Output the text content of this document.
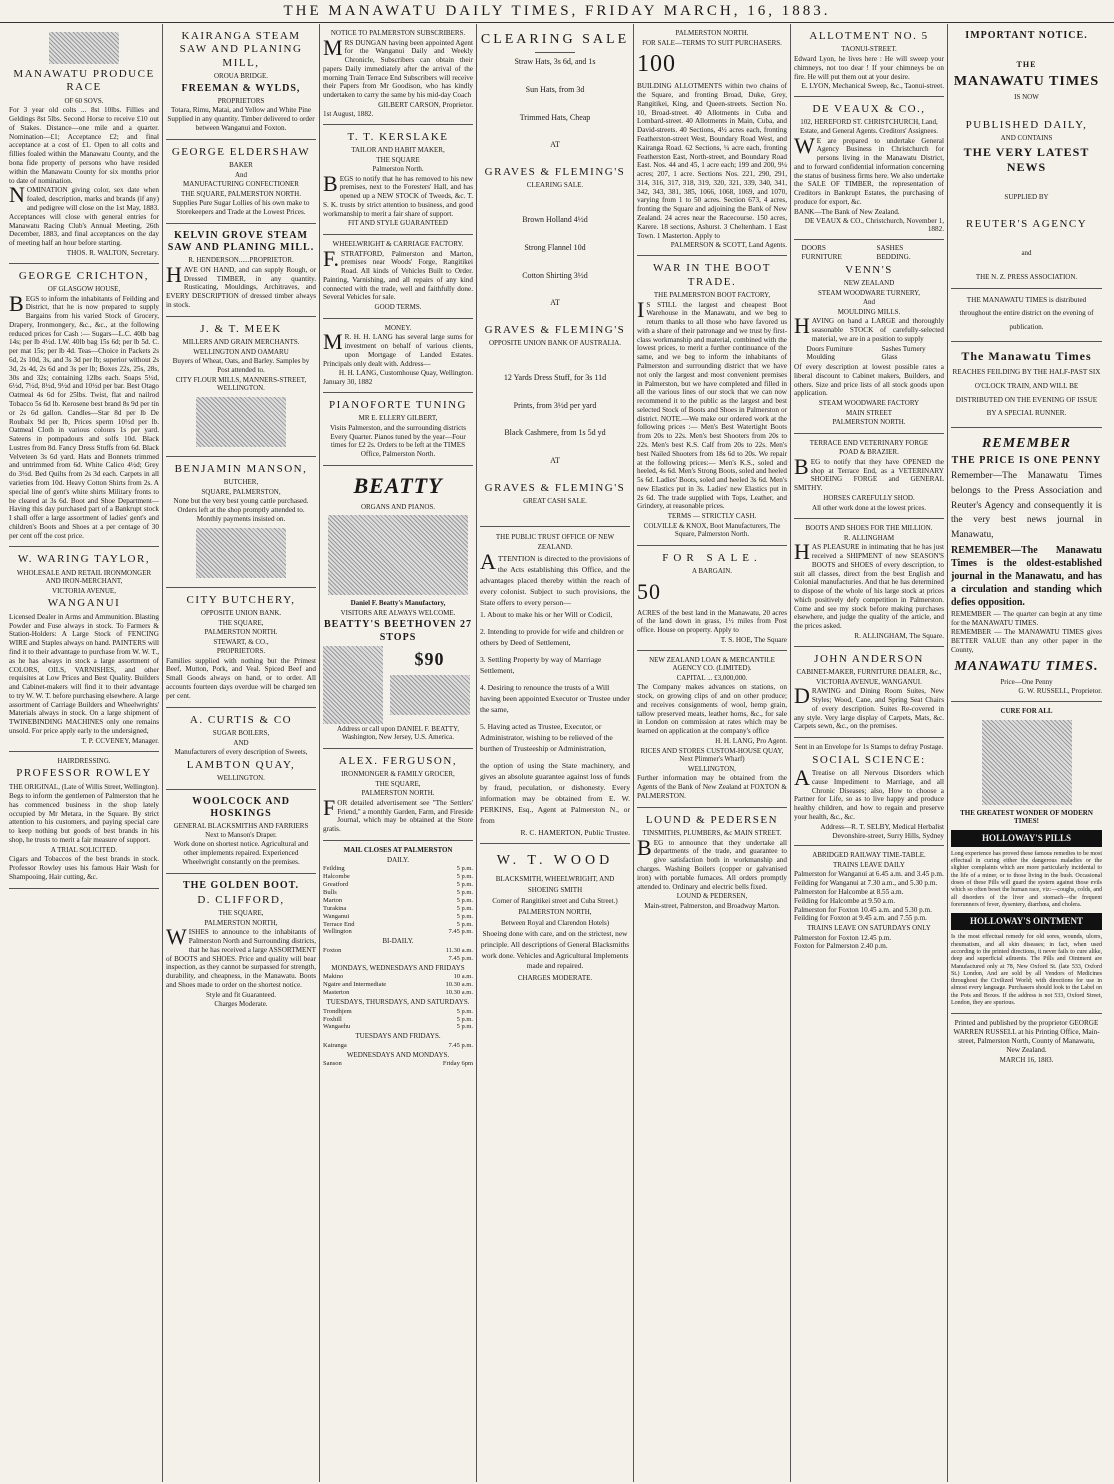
THE MANAWATU DAILY TIMES, FRIDAY MARCH, 16, 1883.
MANAWATU PRODUCE RACE
OF 60 SOVS.

For 3 year old colts ... 8st 10lbs. Fillies and Geldings 8st 5lbs. Second Horse to receive £10 out of Stakes. Distance—one mile and a quarter. Nomination—£1; Acceptance £2; and final acceptance at a cost of £1. Open to all colts and fillies foaled within the Manawatu County, and the bona fide property of persons who have resided within the Manawatu County for six months prior to date of nomination.

NOMINATION giving color, sex date when foaled, description, marks and brands (if any) and pedigree will close on the 1st May, 1883. Acceptances will close with general entries for Manawatu Racing Club's Annual Meeting, 26th December, 1883, and final acceptances on the day of meeting half an hour before starting.

THOS. R. WALTON, Secretary.
GEORGE CRICHTON,
OF GLASGOW HOUSE,

BEGS to inform the inhabitants of Feilding and District, that he is now prepared to supply Bargains from his varied Stock of Grocery, Drapery, Ironmongery, &c., &c., at the following reduced prices for Cash :— Sugars—L.C. 40lb bag 14s; per lb 4½d. I.W. 40lb bag 15s 6d; per lb 5d. C. per mat 15s; per lb 4d. Teas—Choice in Packets 2s 6d, 2s 10d, 3s, and 3s 3d per lb; superior without 2s 3d, 2s 4d, 2s 6d and 3s per lb; Boxes 22s, 25s, 28s, 30s and 32s; containing 12lbs each. Soaps 5½d, 6½d, 7½d, 8½d, 9½d and 10½d per bar. Best Otago Oatmeal 4s 6d for 25lbs. Twist, flat and nailrod Tobacco 5s 6d lb. Kerosene best brand 8s 9d per tin or 2s 6d gallon. Candles—Star 8d per lb De Roubaix 9d per lb, Prices sperm 10½d per lb. Oatmeal Cloth in various colours 1s per yard. Sateens in pompadours and solfs 10d. Black Lustres from 8d. Fancy Dress Stuffs from 6d. Black Velveteen 3s 6d yard. Hats and Bonnets trimmed and untrimmed from 6d. White Calico 4½d; Grey do 3½d. Bed Quilts from 2s 3d each. Carpets in all varieties from 10d. Heavy Cotton Shirts from 2s. A special line of gent's white shirts Military fronts to be cleared at 3s 6d. Boot and Shoe Department—Having this day purchased part of a Bankrupt stock I shall offer a large assortment of ladies' gent's and children's Boots and Shoes at a per centage of 30 per cent off the cost price.

W. WARING TAYLOR,
WHOLESALE AND RETAIL IRONMONGER AND IRON-MERCHANT,
VICTORIA AVENUE,
WANGANUI

Licensed Dealer in Arms and Ammunition. Blasting Powder and Fuse always in stock. To Farmers & Station-Holders: A Large Stock of FENCING WIRE and Staples always on hand. PAINTERS will find it to their advantage to purchase from W. W. T., as he has always in stock a large assortment of COLORS, OILS, VARNISHES, and other requisites at Low Prices and Best Quality. Builders and Cabinet-makers will find it to their advantage to try W. W. T. before purchasing elsewhere. A large assortment of Carriage Builders and Wheelwrights' Materials always in stock. On a large shipment of TWINEBINDING MACHINES only one remains unsold. For price apply early to the undersigned,

T. P. CCVENEY, Manager.
HAIRDRESSING.
PROFESSOR ROWLEY
THE ORIGINAL, (Late of Willis Street, Wellington).

Begs to inform the gentlemen of Palmerston that he has commenced business in the shop lately occupied by Mr Metara, in the Square. By strict attention to his customers, and paying special care to keep nothing but goods of best brands in his shop, he trusts to merit a fair measure of support.

A TRIAL SOLICITED.

Cigars and Tobaccos of the best brands in stock. Professor Rowley uses his famous Hair Wash for Shampooing, Hair cutting, &c.

KAIRANGA STEAM SAW AND PLANING MILL,
OROUA BRIDGE.
FREEMAN & WYLDS,
PROPRIETORS

Totara, Rimu, Matai, and Yellow and White Pine Supplied in any quantity. Timber delivered to order between Wanganui and Foxton.

GEORGE ELDERSHAW
BAKER
And
MANUFACTURING CONFECTIONER
THE SQUARE, PALMERSTON NORTH.

Supplies Pure Sugar Lollies of his own make to Storekeepers and Trade at the Lowest Prices.

KELVIN GROVE STEAM SAW AND PLANING MILL.
R. HENDERSON......PROPRIETOR.

HAVE ON HAND, and can supply Rough, or Dressed TIMBER, in any quantity. Rusticating, Mouldings, Architraves, and EVERY DESCRIPTION of dressed timber always in stock.

J. & T. MEEK
MILLERS AND GRAIN MERCHANTS.
WELLINGTON AND OAMARU

Buyers of Wheat, Oats, and Barley. Samples by Post attended to.

CITY FLOUR MILLS, MANNERS-STREET, WELLINGTON.
BENJAMIN MANSON,
BUTCHER,
SQUARE, PALMERSTON,

None but the very best young cattle purchased. Orders left at the shop promptly attended to. Monthly payments insisted on.

CITY BUTCHERY,
OPPOSITE UNION BANK.
THE SQUARE,
PALMERSTON NORTH.
STEWART, & CO.,
PROPRIETORS.

Families supplied with nothing but the Primest Beef, Mutton, Pork, and Veal. Spiced Beef and Small Goods always on hand, or to order. All accounts fourteen days overdue will be charged ten per cent.

A. CURTIS & CO
SUGAR BOILERS,
AND

Manufacturers of every description of Sweets,

LAMBTON QUAY,
WELLINGTON.
WOOLCOCK AND HOSKINGS
GENERAL BLACKSMITHS AND FARRIERS Next to Manson's Draper.

Work done on shortest notice. Agricultural and other implements repaired. Experienced Wheelwright constantly on the premises.

THE GOLDEN BOOT.
D. CLIFFORD,
THE SQUARE,
PALMERSTON NORTH,

WISHES to announce to the inhabitants of Palmerston North and Surrounding districts, that he has received a large ASSORTMENT of BOOTS and SHOES. Price and quality will bear inspection, as they cannot be surpassed for strength, durability, and cheapness, in the Manawatu. Boots and Shoes made to order on the shortest notice.

Style and fit Guaranteed.
Charges Moderate.
NOTICE TO PALMERSTON SUBSCRIBERS.

MRS DUNGAN having been appointed Agent for the Wanganui Daily and Weekly Chronicle, Subscribers can obtain their papers Daily immediately after the arrival of the morning Train Terrace End Subscribers will receive their Papers from Mr Goodison, who has kindly undertaken to carry the same by his mid-day Coach

GILBERT CARSON, Proprietor.
1st August, 1882.
T. T. KERSLAKE
TAILOR AND HABIT MAKER,
THE SQUARE
Palmerston North.

BEGS to notify that he has removed to his new premises, next to the Foresters' Hall, and has opened up a NEW STOCK of Tweeds, &c. T. S. K. trusts by strict attention to business, and good workmanship to merit a fair share of support.

FIT AND STYLE GUARANTEED
WHEELWRIGHT & CARRIAGE FACTORY.

F.STRATFORD, Palmerston and Marton, premises near Woods' Forge, Rangitikei Road. All kinds of Vehicles Built to Order. Painting, Varnishing, and all repairs of any kind connected with the trade, well and faithfully done. Several Vehicles for sale.

GOOD TERMS.
MONEY.

MR. H. H. LANG has several large sums for investment on behalf of various clients, upon Mortgage of Landed Estates. Principals only dealt with. Address—

H. H. LANG, Customhouse Quay, Wellington.
January 30, 1882
PIANOFORTE TUNING
MR E. ELLERY GILBERT,

Visits Palmerston, and the surrounding districts Every Quarter. Pianos tuned by the year—Four times for £2 2s. Orders to be left at the TIMES Office, Palmerston North.

BEATTY
ORGANS AND PIANOS.
Daniel F. Beatty's Manufactory,
VISITORS ARE ALWAYS WELCOME.
BEATTY'S BEETHOVEN 27 STOPS
$90
Address or call upon DANIEL F. BEATTY, Washington, New Jersey, U.S. America.
ALEX. FERGUSON,
IRONMONGER & FAMILY GROCER,
THE SQUARE,
PALMERSTON NORTH.

FOR detailed advertisement see "The Settlers' Friend," a monthly Garden, Farm, and Fireside Journal, which may be obtained at the Store gratis.

MAIL CLOSES AT PALMERSTON
DAILY.
Feilding	5 p.m.
Halcombe	5 p.m.
Greatford	5 p.m.
Bulls	5 p.m.
Marton	5 p.m.
Turakina	5 p.m.
Wanganui	5 p.m.
Terrace End	5 p.m.
Wellington	7.45 p.m.
BI-DAILY.
Foxton	11.30 a.m.
	7.45 p.m.
MONDAYS, WEDNESDAYS AND FRIDAYS
Makino	10 a.m.
Ngaire and Intermediate	10.30 a.m.
Masterton	10.30 a.m.
TUESDAYS, THURSDAYS, AND SATURDAYS.
Trondhjem	5 p.m.
Foxhill	5 p.m.
Wangaehu	5 p.m.
TUESDAYS AND FRIDAYS.
Kairanga	7.45 p.m.
WEDNESDAYS AND MONDAYS.
Sanson	Friday 6pm
CLEARING SALE
Straw Hats, 3s 6d, and 1s
Sun Hats, from 3d
Trimmed Hats, Cheap
AT
GRAVES & FLEMING'S
CLEARING SALE.
Brown Holland 4½d
Strong Flannel 10d
Cotton Shirting 3½d
AT
GRAVES & FLEMING'S
OPPOSITE UNION BANK OF AUSTRALIA.
12 Yards Dress Stuff, for 3s 11d
Prints, from 3½d per yard
Black Cashmere, from 1s 5d yd
AT
GRAVES & FLEMING'S
GREAT CASH SALE.
THE PUBLIC TRUST OFFICE OF NEW ZEALAND.

ATTENTION is directed to the provisions of the Acts establishing this Office, and the advantages placed thereby within the reach of every colonist. Subject to such provisions, the State offers to every person—

1. About to make his or her Will or Codicil,
2. Intending to provide for wife and children or others by Deed of Settlement,
3. Settling Property by way of Marriage Settlement,
4. Desiring to renounce the trusts of a Will having been appointed Executor or Trustee under the same,
5. Having acted as Trustee, Executor, or Administrator, wishing to be relieved of the burthen of Trusteeship or Administration,

the option of using the State machinery, and gives an absolute guarantee against loss of funds by fraud, peculation, or dishonesty. Every information may be obtained from E. W. PERKINS, Esq., Agent at Palmerston N., or from

R. C. HAMERTON, Public Trustee.
W. T. WOOD
BLACKSMITH, WHEELWRIGHT, AND SHOEING SMITH
Corner of Rangitikei street and Cuba Street.)
PALMERSTON NORTH,
Between Royal and Clarendon Hotels)

Shoeing done with care, and on the strictest, new principle. All descriptions of General Blacksmiths work done. Vehicles and Agricultural Implements made and repaired.

CHARGES MODERATE.
PALMERSTON NORTH.
FOR SALE—TERMS TO SUIT PURCHASERS.
100

BUILDING ALLOTMENTS within two chains of the Square, and fronting Broad, Duke, Grey, Rangitikei, King, and Queen-streets. Section No. 10, Broad-street. 40 Allotments in Cuba and Lombard-street. 40 Allotments in Main, Cuba, and David-streets. 40 Sections, 4½ acres each, fronting Featherston-street West, Boundary Road West, and Kairanga Road. 62 Sections, ¼ acre each, fronting Featherston East, North-street, and Boundary Road East. Nos. 44 and 45, 1 acre each; 199 and 200, 9¼ acres; 207, 1 acre. Sections Nos. 221, 290, 291, 314, 316, 317, 318, 319, 320, 321, 339, 340, 341, 342, 343, 381, 385, 1066, 1068, 1069, and 1070, varying from 1 to 50 acres. Section 673, 4 acres, fronting the Square and adjoining the Bank of New Zealand. 24 acres near the Racecourse. 150 acres, Karere. 18 sections, Ashurst. 3 Cheltenham. 1 East Town. 1 Masterton. Apply to

PALMERSON & SCOTT, Land Agents.
WAR IN THE BOOT TRADE.
THE PALMERSTON BOOT FACTORY,

IS STILL the largest and cheapest Boot Warehouse in the Manawatu, and we beg to return thanks to all those who have favored us with a share of their patronage and we trust by first-class workmanship and material, combined with the lowest prices, to merit a further continuance of the same, and we beg to inform the inhabitants of Palmerston and surrounding district that we have not only the largest and most convenient premises in Palmerston, but we have completed and filled in all the various lines of our stock that we can now recommend it to the public as the largest and best selected Stock of Boots and Shoes in Palmerston or district. NOTE.—We make our ordered work at the following prices :— Men's Best Watertight Boots from 20s to 22s. Men's best Shooters from 20s to 22s. Men's best K.S. Calf from 20s to 22s. Men's best Nailed Shooters from 18s 6d to 20s. We repair at the following prices:— Men's K.S., soled and heeled, 4s 6d. Men's Strong Boots, soled and heeled 5s 6d. Ladies' Boots, soled and heeled 3s 6d. Men's new Elastics put in 3s. Ladies' new Elastics put in 2s 6d. The trade supplied with Tops, Leather, and Grindery, at reasonable prices.

TERMS — STRICTLY CASH.
COLVILLE & KNOX, Boot Manufacturers, The Square, Palmerston North.
FOR SALE.
A BARGAIN.
50

ACRES of the best land in the Manawatu, 20 acres of the land down in grass, 1½ miles from Post office. House on property. Apply to

T. S. HOE, The Square
NEW ZEALAND LOAN & MERCANTILE AGENCY CO. (LIMITED).
CAPITAL ... £3,000,000.

The Company makes advances on stations, on stock, on growing clips of and on other produce; and receives consignments of wool, hemp grain, tallow preserved meats, leather horns, &c., for sale in London on commission at rates which may be learned on application at the company's office

H. H. LANG, Pro Agent.
RICES AND STORES CUSTOM-HOUSE QUAY, Next Plimmer's Wharf)
WELLINGTON,

Further information may be obtained from the Agents of the Bank of New Zealand at FOXTON & PALMERSTON.

LOUND & PEDERSEN
TINSMITHS, PLUMBERS, &c MAIN STREET.

BEG to announce that they undertake all departments of the trade, and guarantee to give satisfaction both in workmanship and charges. Washing Boilers (copper or galvanised iron) with portable furnaces. All orders promptly attended to. Ordinary and electric bells fixed.

LOUND & PEDERSEN,
Main-street, Palmerston, and Broadway Marton.
ALLOTMENT NO. 5
TAONUI-STREET.

Edward Lyon, he lives here : He will sweep your chimneys, not too dear ! If your chimneys be on fire. He will put them out at your desire.

E. LYON, Mechanical Sweep, &c., Taonui-street.
DE VEAUX & CO.,
102, HEREFORD ST. CHRISTCHURCH, Land, Estate, and General Agents. Creditors' Assignees.

WE are prepared to undertake General Agency Business in Christchurch for persons living in the Manawatu District, and to forward confidential information concerning the status of business firms here. We also undertake the SALE OF TIMBER, the representation of Creditors in Bankrupt Estates, the purchasing of produce for export, &c.

BANK—The Bank of New Zealand.
DE VEAUX & CO., Christchurch, November 1, 1882.
DOORS FURNITURE
SASHES BEDDING.
VENN'S
NEW ZEALAND
STEAM WOODWARE TURNERY,
And
MOULDING MILLS.

HAVING on hand a LARGE and thoroughly seasonable STOCK of carefully-selected material, we are in a position to supply

Doors Furniture Moulding
Sashes Turnery Glass

Of every description at lowest possible rates a liberal discount to Cabinet makers, Builders, and others. Size and price lists of all stock goods upon application.

STEAM WOODWARE FACTORY
MAIN STREET
PALMERSTON NORTH.
TERRACE END VETERINARY FORGE
POAD & BRAZIER.

BEG to notify that they have OPENED the shop at Terrace End, as a VETERINARY SHOEING FORGE and GENERAL SMITHY.

HORSES CAREFULLY SHOD.
All other work done at the lowest prices.
BOOTS AND SHOES FOR THE MILLION.
R. ALLINGHAM

HAS PLEASURE in intimating that he has just received a SHIPMENT of new SEASON'S BOOTS and SHOES of every description, to suit all classes, direct from the best English and Colonial manufacturies. And that he has determined to dispose of the whole of his large stock at prices which positively defy competition in Palmerston. Come and see my stock before making purchases elsewhere, and judge the quality of the article, and the prices asked.

R. ALLINGHAM, The Square.
JOHN ANDERSON
CABINET-MAKER, FURNITURE DEALER, &c.,
VICTORIA AVENUE, WANGANUI.

DRAWING and Dining Room Suites, New Styles; Wood, Cane, and Spring Seat Chairs of every description. Suites Re-covered in any style. Very large display of Carpets, Mats, &c. Carpets sewn, &c., on the premises.

Sent in an Envelope for 1s Stamps to defray Postage.
SOCIAL SCIENCE:

ATreatise on all Nervous Disorders which cause Impediment to Marriage, and all Chronic Diseases; also, How to choose a Partner for Life, so as to live happy and produce healthy children, and how to regain and preserve your health, &c., &c.

Address—R. T. SELBY, Medical Herbalist Devonshire-street, Surry Hills, Sydney
ABRIDGED RAILWAY TIME-TABLE.
TRAINS LEAVE DAILY
Palmerston for Wanganui at 6.45 a.m. and 3.45 p.m.
Feilding for Wanganui at 7.30 a.m., and 5.30 p.m.
Palmerston for Halcombe at 8.55 a.m.
Feilding for Halcombe at 9.50 a.m.
Palmerston for Foxton 10.45 a.m. and 5.30 p.m.
Feilding for Foxton at 9.45 a.m. and 7.55 p.m.
TRAINS LEAVE ON SATURDAYS ONLY
Palmerston for Foxton 12.45 p.m.
Foxton for Palmerston 2.40 p.m.
IMPORTANT NOTICE.
THE
MANAWATU TIMES
IS NOW
PUBLISHED DAILY,
AND CONTAINS
THE VERY LATEST NEWS
SUPPLIED BY
REUTER'S AGENCY
and
THE N. Z. PRESS ASSOCIATION.

THE MANAWATU TIMES is distributed throughout the entire district on the evening of publication.

The Manawatu Times

REACHES FEILDING BY THE HALF-PAST SIX O'CLOCK TRAIN, AND WILL BE DISTRIBUTED ON THE EVENING OF ISSUE BY A SPECIAL RUNNER.

REMEMBER
THE PRICE IS ONE PENNY

Remember—The Manawatu Times belongs to the Press Association and Reuter's Agency and consequently it is the very best news journal in Manawatu,

REMEMBER—The Manawatu Times is the oldest-established journal in the Manawatu, and has a circulation and standing which defies opposition.

REMEMBER — The quarter can begin at any time for the MANAWATU TIMES.

REMEMBER — The MANAWATU TIMES gives BETTER VALUE than any other paper in the County,

MANAWATU TIMES.
Price—One Penny
G. W. RUSSELL, Proprietor.
CURE FOR ALL
THE GREATEST WONDER OF MODERN TIMES!
HOLLOWAY'S PILLS

Long experience has proved these famous remedies to be most effectual in curing either the dangerous maladies or the slighter complaints which are more particularly incidental to the life of a miner, or to those living in the bush. Occasional doses of these Pills will guard the system against those evils which so often beset the human race, viz:—coughs, colds, and all disorders of the liver and stomach—the frequent forerunners of fever, dysentery, diarrhœa, and cholera.

HOLLOWAY'S OINTMENT

Is the most effectual remedy for old sores, wounds, ulcers, rheumatism, and all skin diseases; in fact, when used according to the printed directions, it never fails to cure alike, deep and superficial ailments. The Pills and Ointment are Manufactured only at 78, New Oxford St. (late 533, Oxford St.) London, And are sold by all Vendors of Medicines throughout the Civilized World; with directions for use in almost every language. Purchasers should look to the Label on the Pots and Boxes. If the address is not 533, Oxford Street, London, they are spurious.

Printed and published by the proprietor GEORGE WARREN RUSSELL at his Printing Office, Main-street, Palmerston North, County of Manawatu, New Zealand.

MARCH 16, 1883.
